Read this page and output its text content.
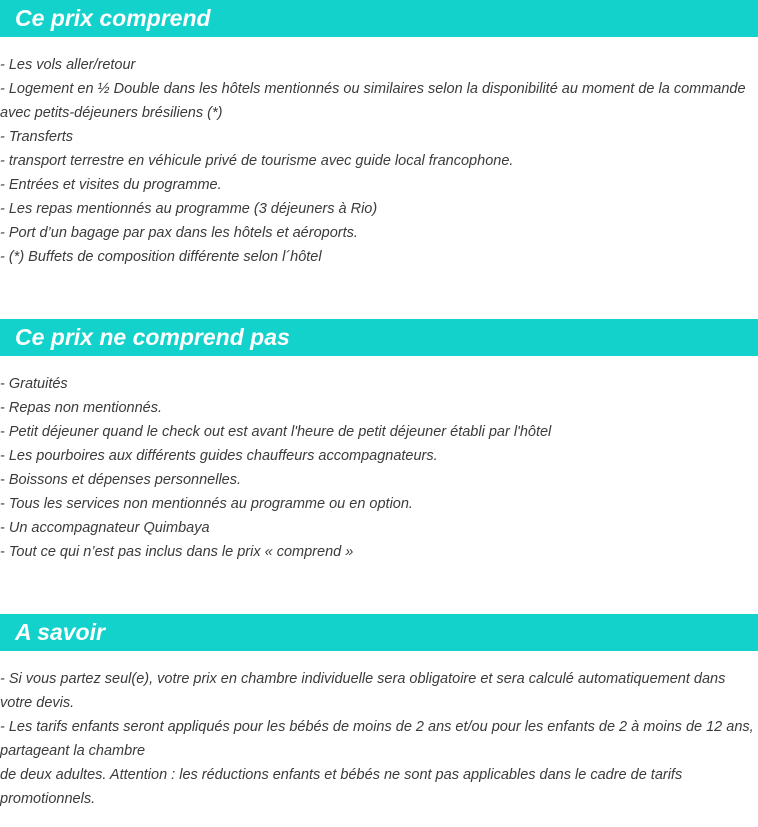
Ce prix comprend
- Les vols aller/retour
- Logement en ½ Double dans les hôtels mentionnés ou similaires selon la disponibilité au moment de la commande avec petits-déjeuners brésiliens (*)
- Transferts
- transport terrestre en véhicule privé de tourisme avec guide local francophone.
- Entrées et visites du programme.
- Les repas mentionnés au programme (3 déjeuners à Rio)
- Port d’un bagage par pax dans les hôtels et aéroports.
- (*) Buffets de composition différente selon l´hôtel
Ce prix ne comprend pas
- Gratuités
- Repas non mentionnés.
- Petit déjeuner quand le check out est avant l'heure de petit déjeuner établi par l'hôtel
- Les pourboires aux différents guides chauffeurs accompagnateurs.
- Boissons et dépenses personnelles.
- Tous les services non mentionnés au programme ou en option.
- Un accompagnateur Quimbaya
- Tout ce qui n’est pas inclus dans le prix « comprend »
A savoir
- Si vous partez seul(e), votre prix en chambre individuelle sera obligatoire et sera calculé automatiquement dans votre devis.
- Les tarifs enfants seront appliqués pour les bébés de moins de 2 ans et/ou pour les enfants de 2 à moins de 12 ans, partageant la chambre
de deux adultes. Attention : les réductions enfants et bébés ne sont pas applicables dans le cadre de tarifs promotionnels.
